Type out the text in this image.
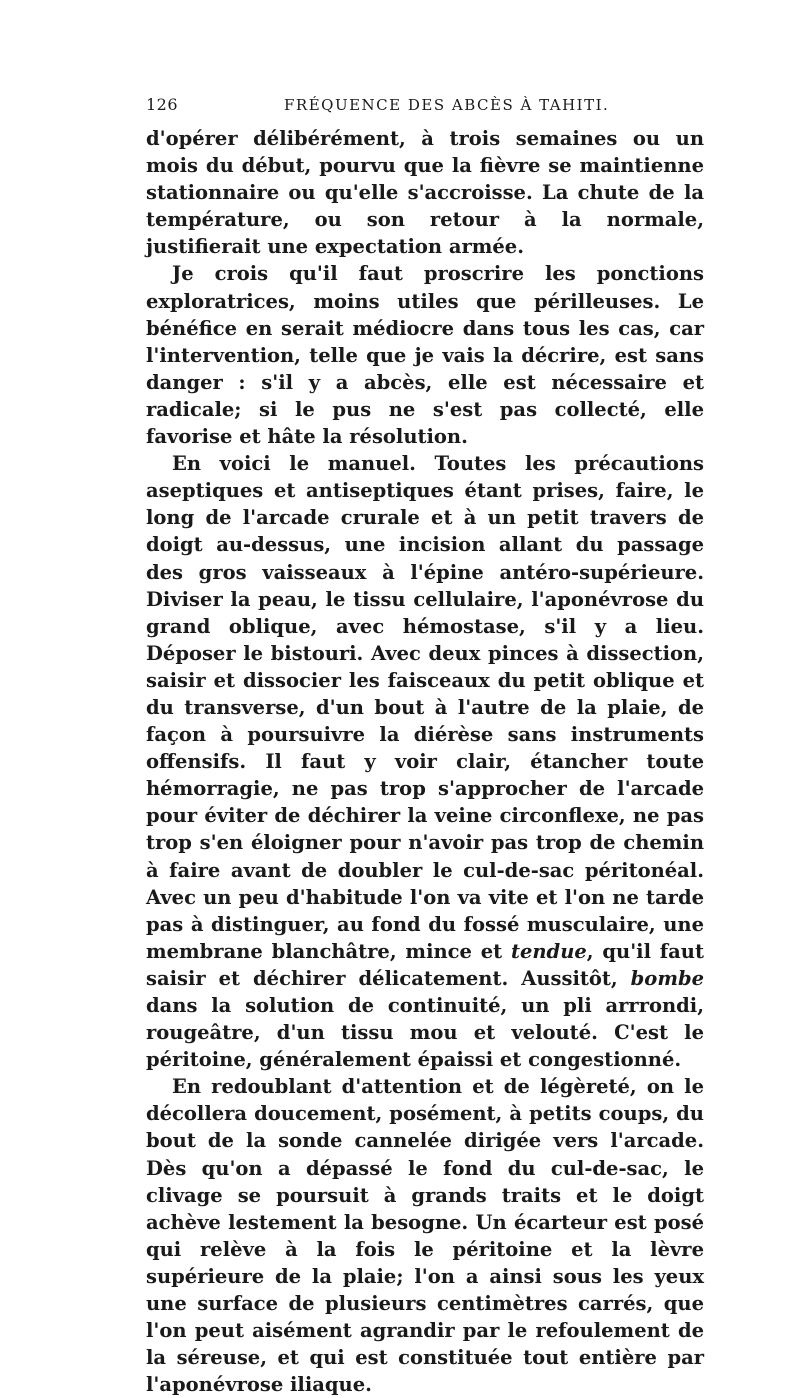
126	FRÉQUENCE DES ABCÈS À TAHITI.

d'opérer délibérément, à trois semaines ou un mois du début, pourvu que la fièvre se maintienne stationnaire ou qu'elle s'accroisse. La chute de la température, ou son retour à la normale, justifierait une expectation armée.

Je crois qu'il faut proscrire les ponctions exploratrices, moins utiles que périlleuses. Le bénéfice en serait médiocre dans tous les cas, car l'intervention, telle que je vais la décrire, est sans danger : s'il y a abcès, elle est nécessaire et radicale; si le pus ne s'est pas collecté, elle favorise et hâte la résolution.

En voici le manuel. Toutes les précautions aseptiques et antiseptiques étant prises, faire, le long de l'arcade crurale et à un petit travers de doigt au-dessus, une incision allant du passage des gros vaisseaux à l'épine antéro-supérieure. Diviser la peau, le tissu cellulaire, l'aponévrose du grand oblique, avec hémostase, s'il y a lieu. Déposer le bistouri. Avec deux pinces à dissection, saisir et dissocier les faisceaux du petit oblique et du transverse, d'un bout à l'autre de la plaie, de façon à poursuivre la diérèse sans instruments offensifs. Il faut y voir clair, étancher toute hémorragie, ne pas trop s'approcher de l'arcade pour éviter de déchirer la veine circonflexe, ne pas trop s'en éloigner pour n'avoir pas trop de chemin à faire avant de doubler le cul-de-sac péritonéal. Avec un peu d'habitude l'on va vite et l'on ne tarde pas à distinguer, au fond du fossé musculaire, une membrane blanchâtre, mince et tendue, qu'il faut saisir et déchirer délicatement. Aussitôt, bombe dans la solution de continuité, un pli arrrondi, rougeâtre, d'un tissu mou et velouté. C'est le péritoine, généralement épaissi et congestionné.

En redoublant d'attention et de légèreté, on le décollera doucement, posément, à petits coups, du bout de la sonde cannelée dirigée vers l'arcade. Dès qu'on a dépassé le fond du cul-de-sac, le clivage se poursuit à grands traits et le doigt achève lestement la besogne. Un écarteur est posé qui relève à la fois le péritoine et la lèvre supérieure de la plaie; l'on a ainsi sous les yeux une surface de plusieurs centimètres carrés, que l'on peut aisément agrandir par le refoulement de la séreuse, et qui est constituée tout entière par l'aponévrose iliaque.
